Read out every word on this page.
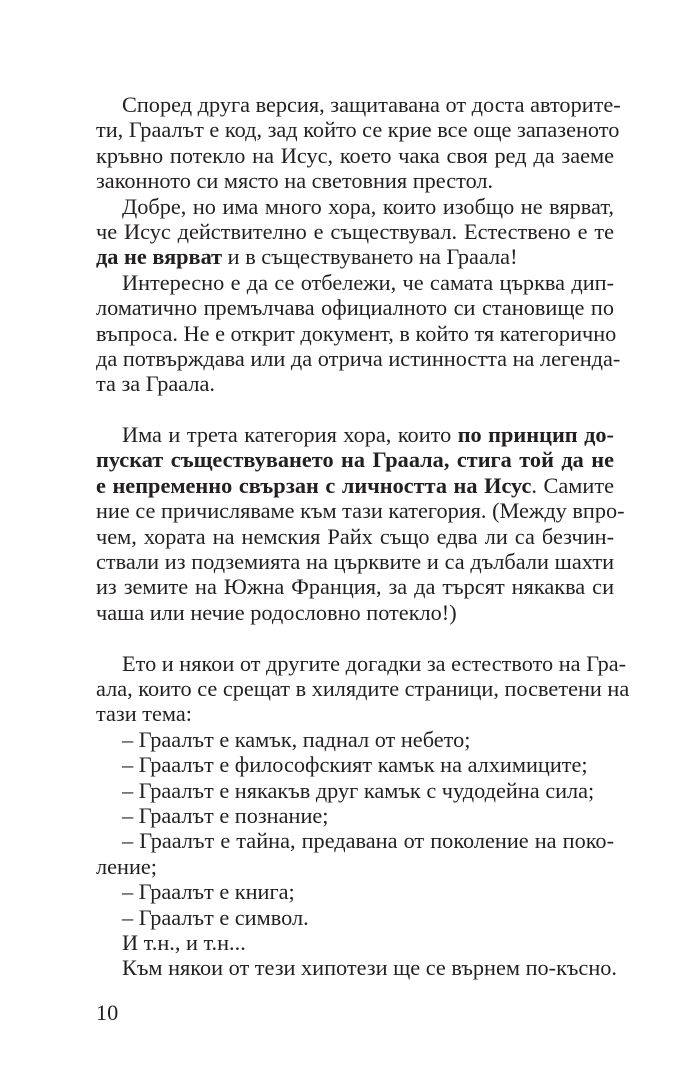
Според друга версия, защитавана от доста авторите-
ти, Граалът е код, зад който се крие все още запазеното
кръвно потекло на Исус, което чака своя ред да заеме
законното си място на световния престол.
Добре, но има много хора, които изобщо не вярват,
че Исус действително е съществувал. Естествено е те
да не вярват и в съществуването на Граала!
Интересно е да се отбележи, че самата църква дип-
ломатично премълчава официалното си становище по
въпроса. Не е открит документ, в който тя категорично
да потвърждава или да отрича истинността на легенда-
та за Граала.
Има и трета категория хора, които по принцип до-
пускат съществуването на Граала, стига той да не
е непременно свързан с личността на Исус. Самите
ние се причисляваме към тази категория. (Между впро-
чем, хората на немския Райх също едва ли са безчин-
ствали из подземията на църквите и са дълбали шахти
из земите на Южна Франция, за да търсят някаква си
чаша или нечие родословно потекло!)
Ето и някои от другите догадки за естеството на Гра-
ала, които се срещат в хилядите страници, посветени на
тази тема:
– Граалът е камък, паднал от небето;
– Граалът е философският камък на алхимиците;
– Граалът е някакъв друг камък с чудодейна сила;
– Граалът е познание;
– Граалът е тайна, предавана от поколение на поко-
ление;
– Граалът е книга;
– Граалът е символ.
И т.н., и т.н...
Към някои от тези хипотези ще се върнем по-късно.
10
